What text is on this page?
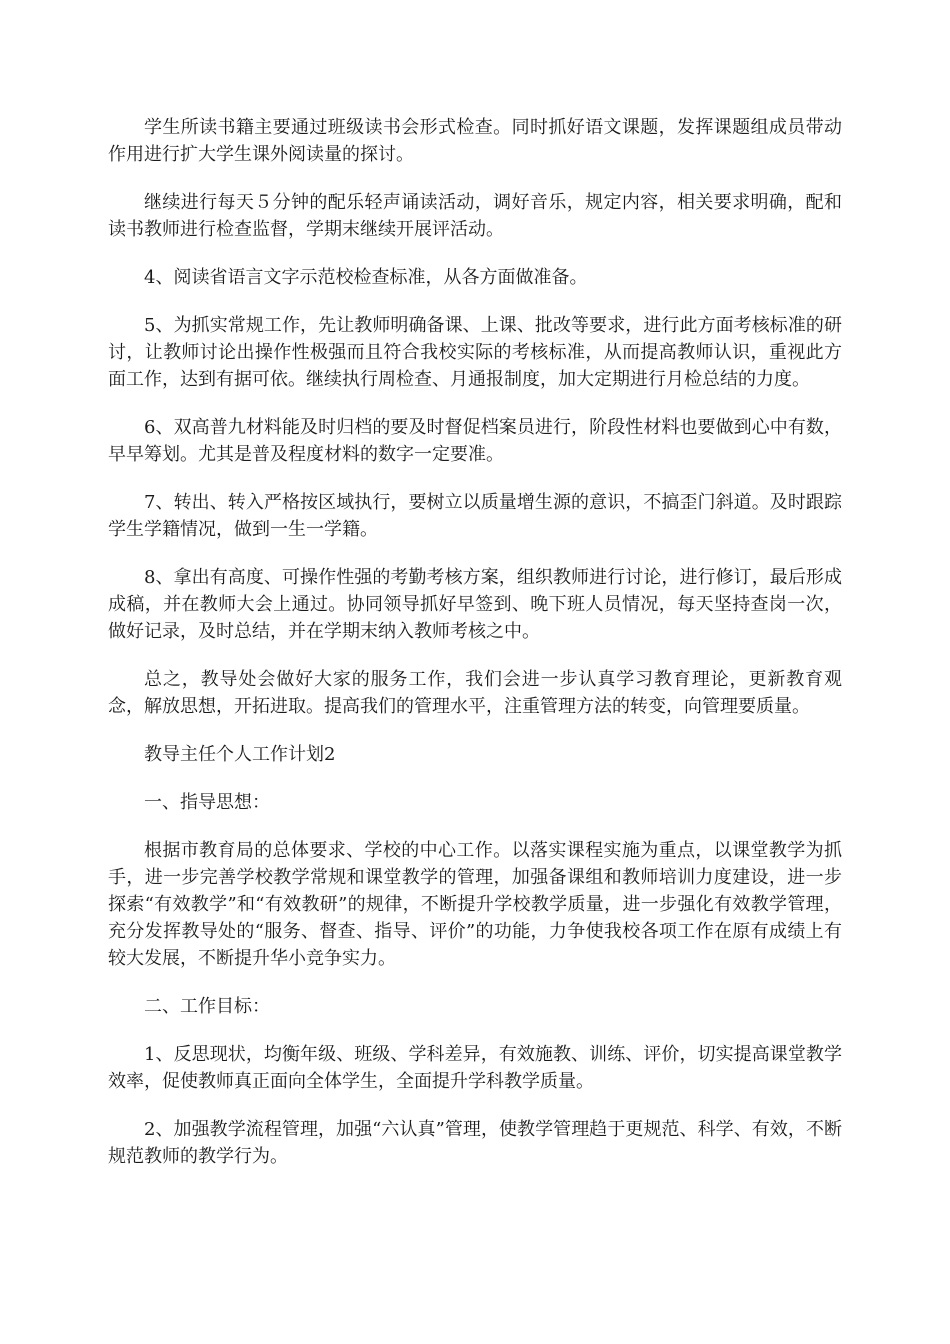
学生所读书籍主要通过班级读书会形式检查。同时抓好语文课题，发挥课题组成员带动作用进行扩大学生课外阅读量的探讨。

继续进行每天５分钟的配乐轻声诵读活动，调好音乐，规定内容，相关要求明确，配和读书教师进行检查监督，学期末继续开展评活动。

4、阅读省语言文字示范校检查标准，从各方面做准备。

5、为抓实常规工作，先让教师明确备课、上课、批改等要求，进行此方面考核标准的研讨，让教师讨论出操作性极强而且符合我校实际的考核标准，从而提高教师认识，重视此方面工作，达到有据可依。继续执行周检查、月通报制度，加大定期进行月检总结的力度。

6、双高普九材料能及时归档的要及时督促档案员进行，阶段性材料也要做到心中有数，早早筹划。尤其是普及程度材料的数字一定要准。

7、转出、转入严格按区域执行，要树立以质量增生源的意识，不搞歪门斜道。及时跟踪学生学籍情况，做到一生一学籍。

8、拿出有高度、可操作性强的考勤考核方案，组织教师进行讨论，进行修订，最后形成成稿，并在教师大会上通过。协同领导抓好早签到、晚下班人员情况，每天坚持查岗一次，做好记录，及时总结，并在学期末纳入教师考核之中。

总之，教导处会做好大家的服务工作，我们会进一步认真学习教育理论，更新教育观念，解放思想，开拓进取。提高我们的管理水平，注重管理方法的转变，向管理要质量。

教导主任个人工作计划2

一、指导思想：

根据市教育局的总体要求、学校的中心工作。以落实课程实施为重点，以课堂教学为抓手，进一步完善学校教学常规和课堂教学的管理，加强备课组和教师培训力度建设，进一步探索“有效教学”和“有效教研”的规律，不断提升学校教学质量，进一步强化有效教学管理，充分发挥教导处的“服务、督查、指导、评价”的功能，力争使我校各项工作在原有成绩上有较大发展，不断提升华小竞争实力。

二、工作目标：

1、反思现状，均衡年级、班级、学科差异，有效施教、训练、评价，切实提高课堂教学效率，促使教师真正面向全体学生，全面提升学科教学质量。

2、加强教学流程管理，加强“六认真”管理，使教学管理趋于更规范、科学、有效，不断规范教师的教学行为。
